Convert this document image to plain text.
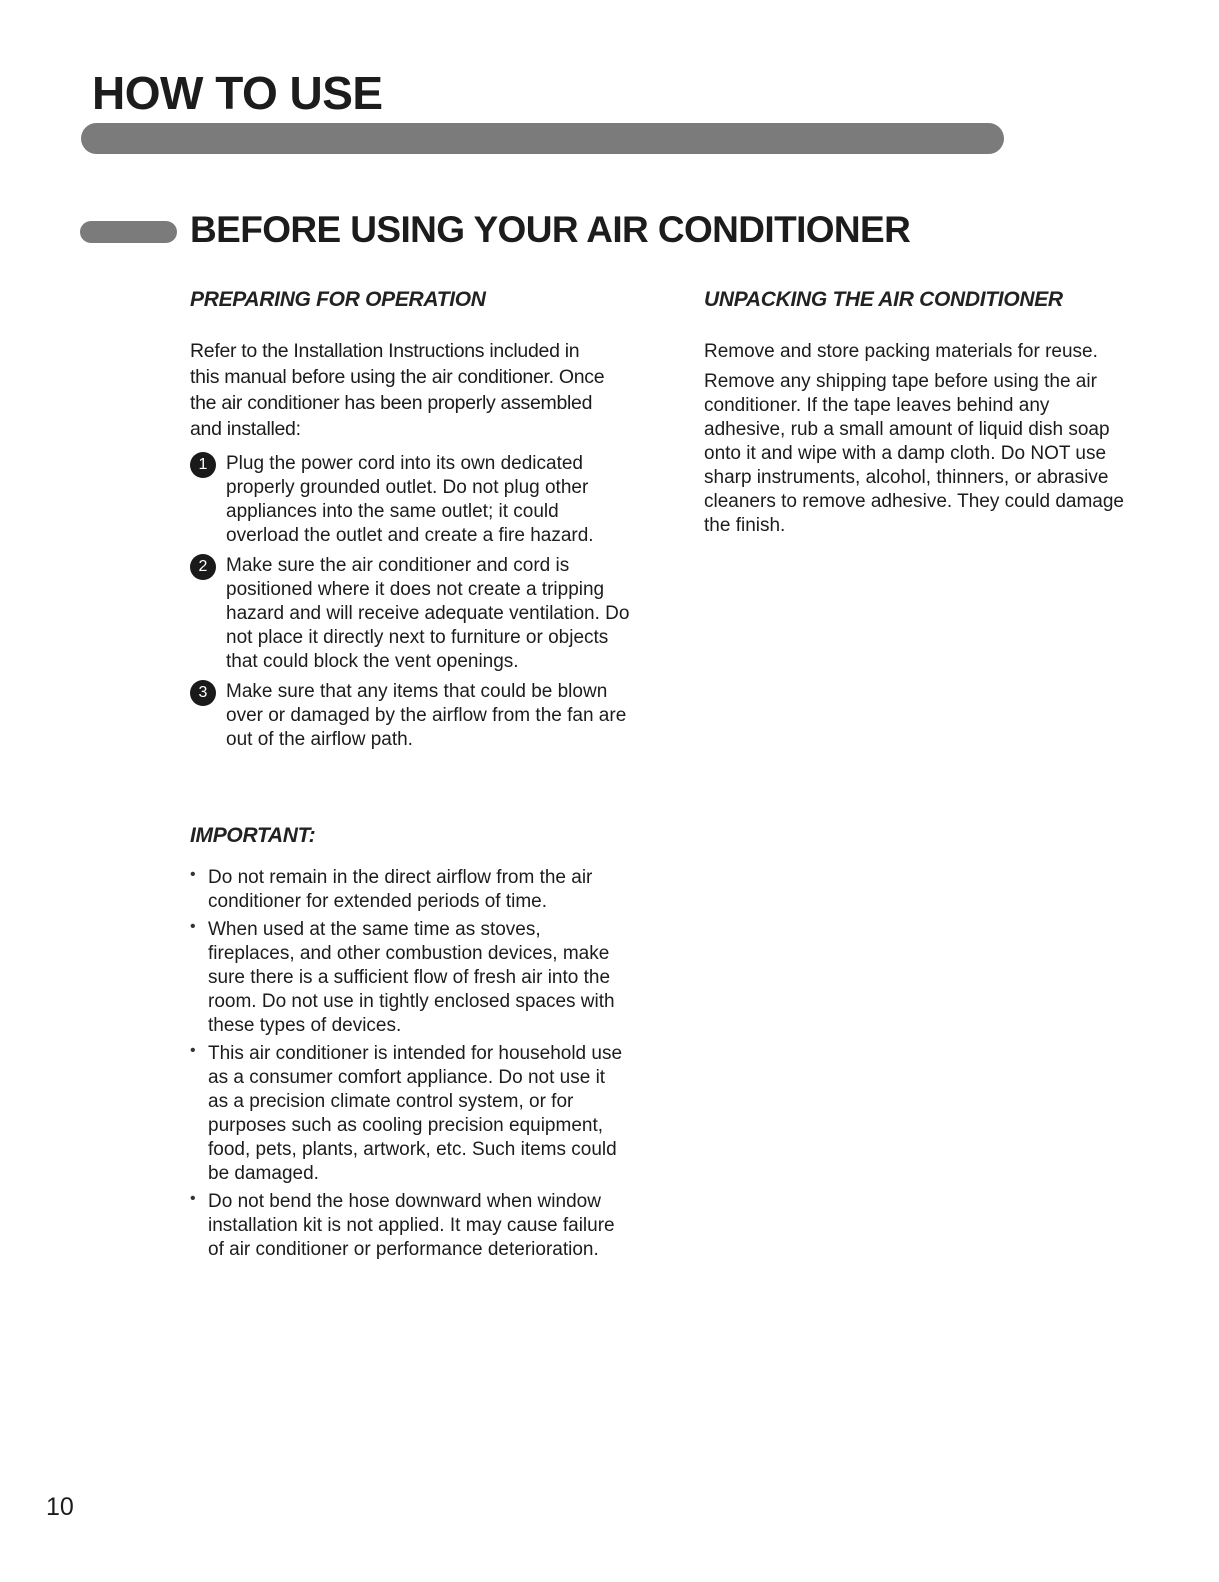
HOW TO USE
BEFORE USING YOUR AIR CONDITIONER
PREPARING FOR OPERATION

Refer to the Installation Instructions included in this manual before using the air conditioner. Once the air conditioner has been properly assembled and installed:

1 Plug the power cord into its own dedicated properly grounded outlet. Do not plug other appliances into the same outlet; it could overload the outlet and create a fire hazard.
2 Make sure the air conditioner and cord is positioned where it does not create a tripping hazard and will receive adequate ventilation. Do not place it directly next to furniture or objects that could block the vent openings.
3 Make sure that any items that could be blown over or damaged by the airflow from the fan are out of the airflow path.
IMPORTANT:
• Do not remain in the direct airflow from the air conditioner for extended periods of time.
• When used at the same time as stoves, fireplaces, and other combustion devices, make sure there is a sufficient flow of fresh air into the room. Do not use in tightly enclosed spaces with these types of devices.
• This air conditioner is intended for household use as a consumer comfort appliance. Do not use it as a precision climate control system, or for purposes such as cooling precision equipment, food, pets, plants, artwork, etc. Such items could be damaged.
• Do not bend the hose downward when window installation kit is not applied. It may cause failure of air conditioner or performance deterioration.
UNPACKING THE AIR CONDITIONER

Remove and store packing materials for reuse.

Remove any shipping tape before using the air conditioner. If the tape leaves behind any adhesive, rub a small amount of liquid dish soap onto it and wipe with a damp cloth. Do NOT use sharp instruments, alcohol, thinners, or abrasive cleaners to remove adhesive. They could damage the finish.

10
